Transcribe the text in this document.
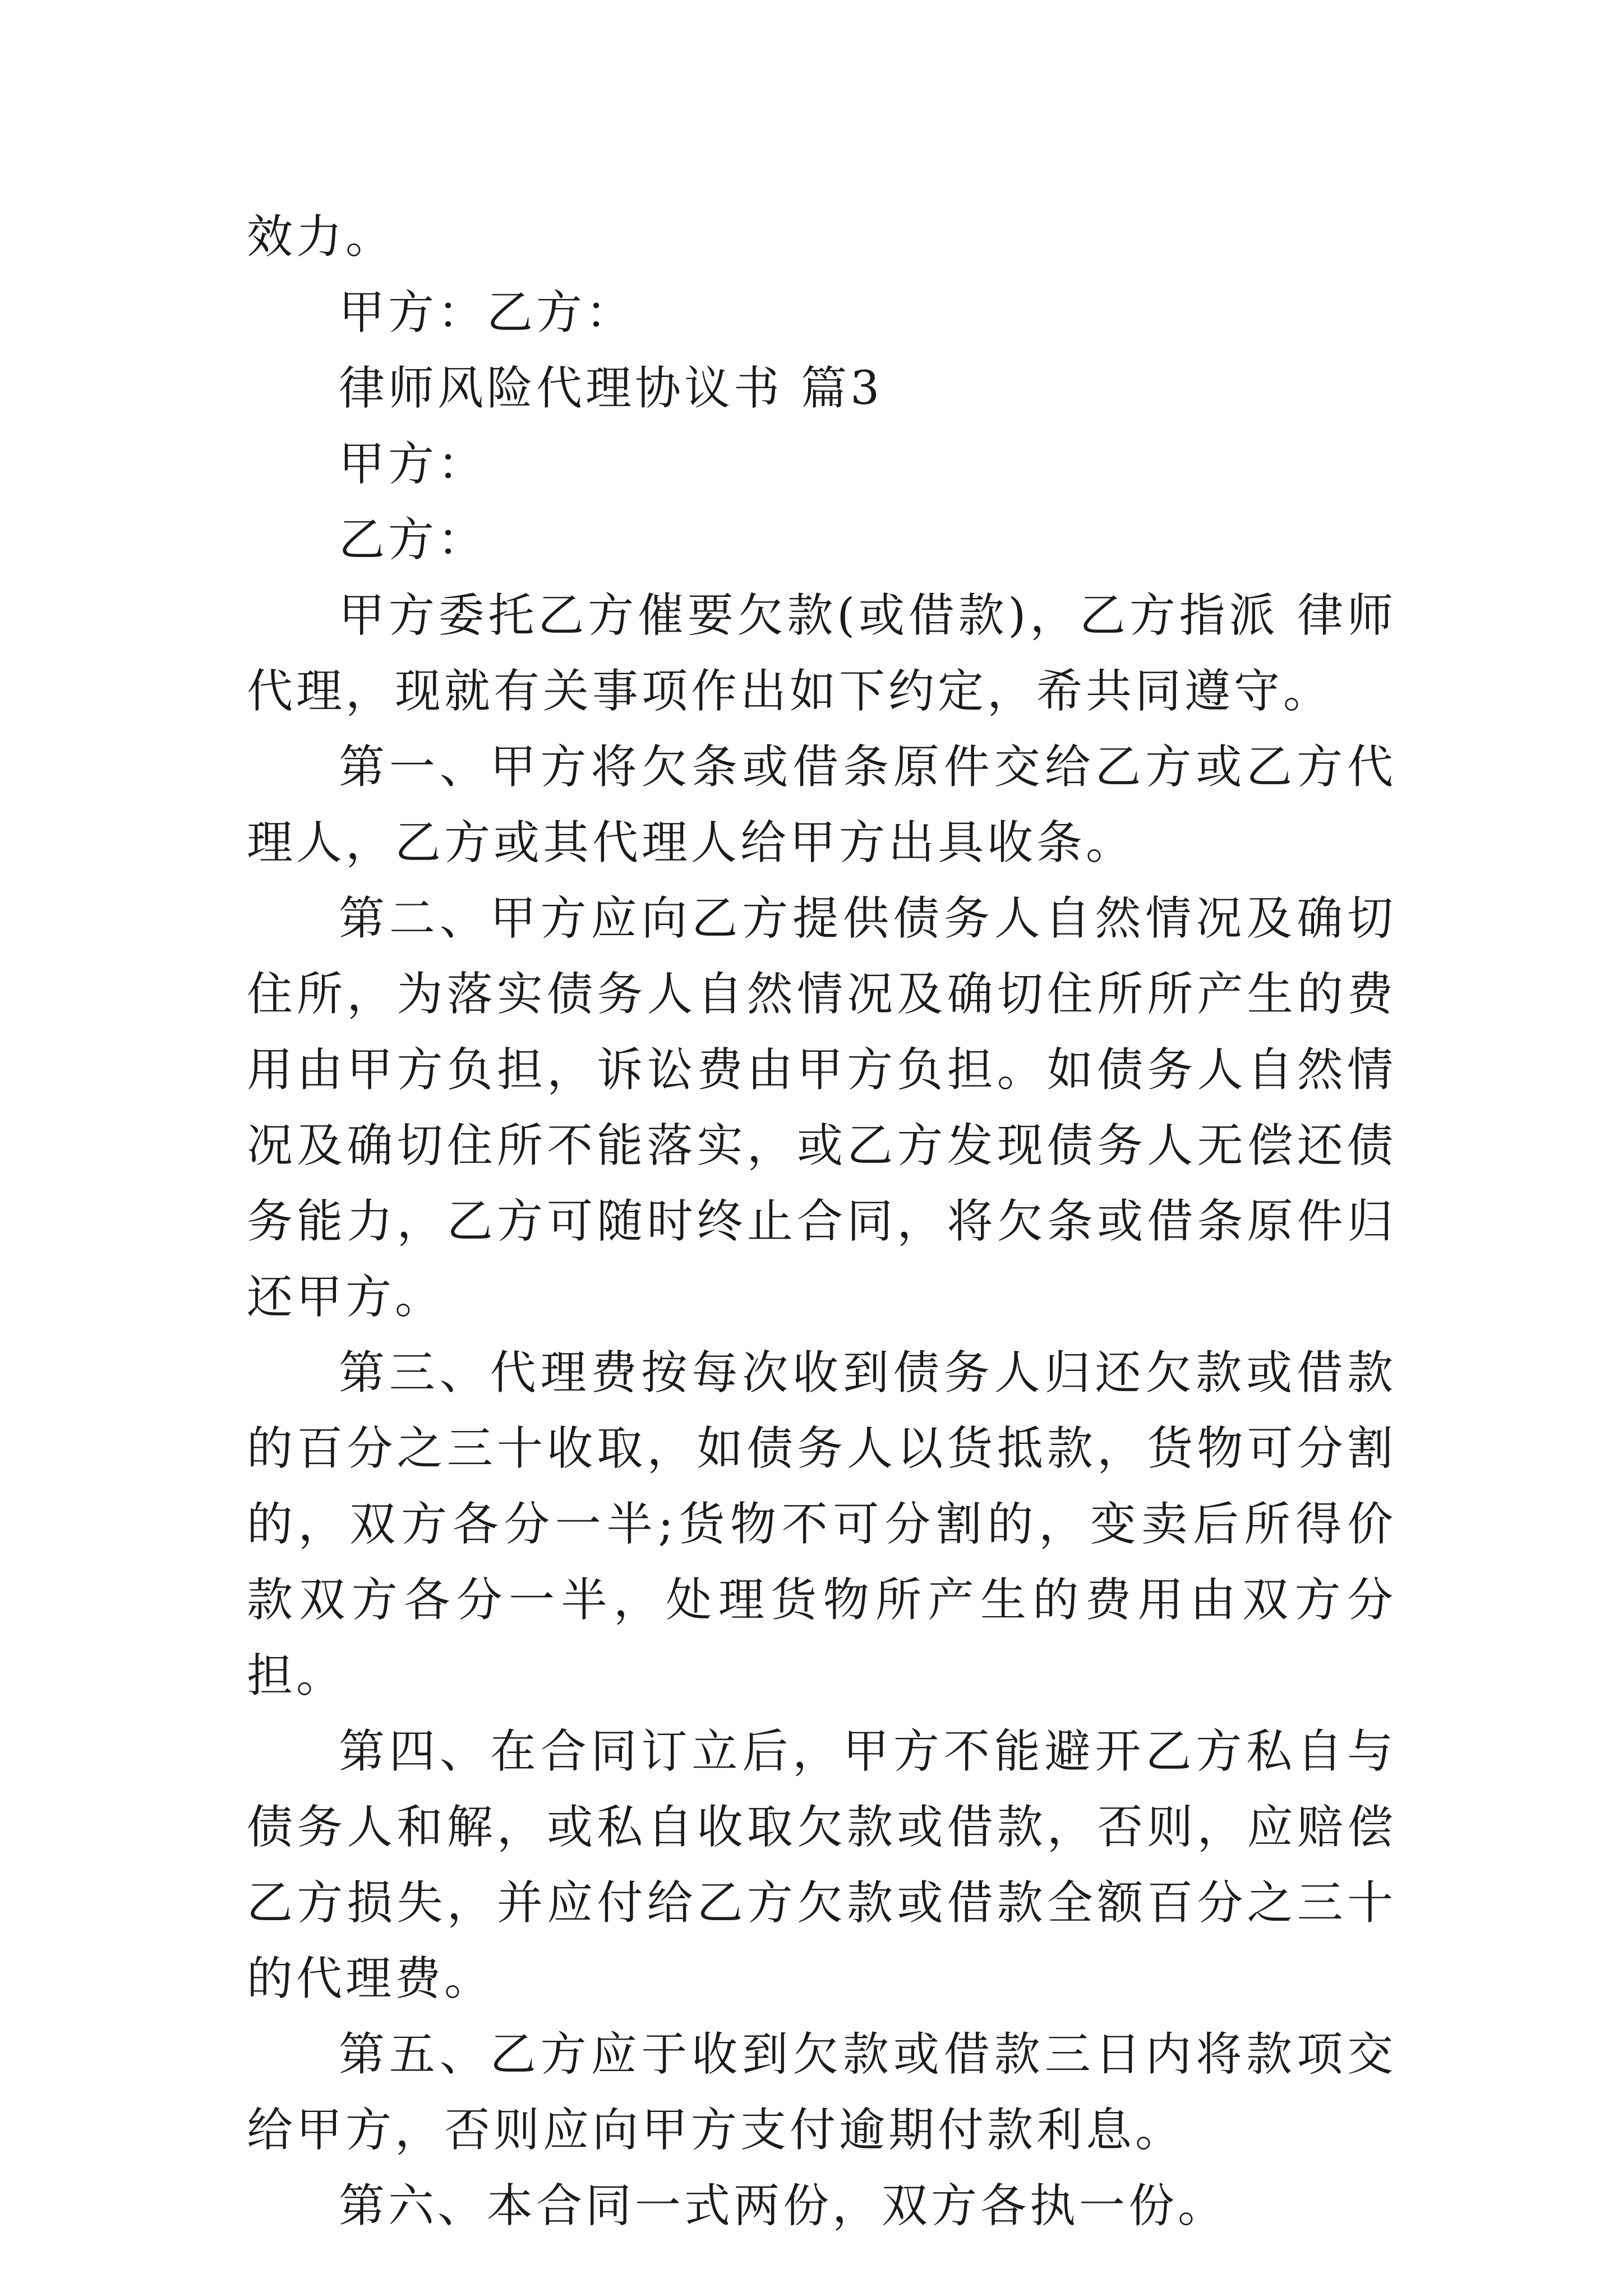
效力。

甲方：乙方：

律师风险代理协议书 篇3

甲方：

乙方：

甲方委托乙方催要欠款(或借款)，乙方指派 律师代理，现就有关事项作出如下约定，希共同遵守。

第一、甲方将欠条或借条原件交给乙方或乙方代理人，乙方或其代理人给甲方出具收条。

第二、甲方应向乙方提供债务人自然情况及确切住所，为落实债务人自然情况及确切住所所产生的费用由甲方负担，诉讼费由甲方负担。如债务人自然情况及确切住所不能落实，或乙方发现债务人无偿还债务能力，乙方可随时终止合同，将欠条或借条原件归还甲方。

第三、代理费按每次收到债务人归还欠款或借款的百分之三十收取，如债务人以货抵款，货物可分割的，双方各分一半;货物不可分割的，变卖后所得价款双方各分一半，处理货物所产生的费用由双方分担。

第四、在合同订立后，甲方不能避开乙方私自与债务人和解，或私自收取欠款或借款，否则，应赔偿乙方损失，并应付给乙方欠款或借款全额百分之三十的代理费。

第五、乙方应于收到欠款或借款三日内将款项交给甲方，否则应向甲方支付逾期付款利息。

第六、本合同一式两份，双方各执一份。
